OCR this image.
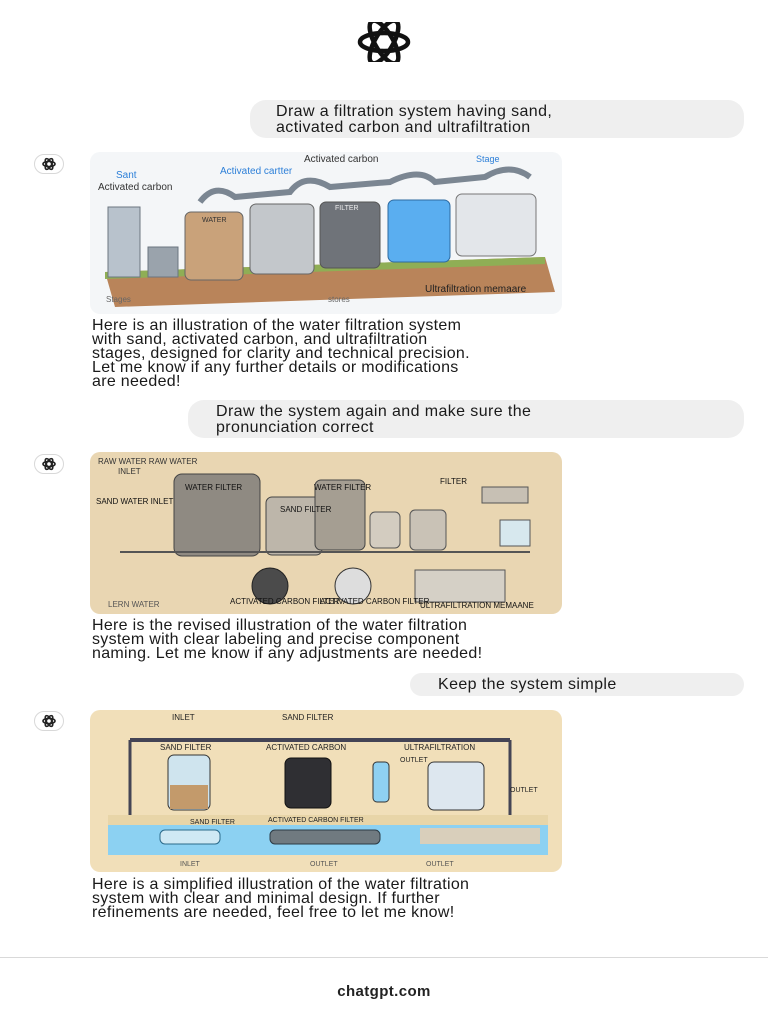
Draw a filtration system having sand,
activated carbon and ultrafiltration
Sant
Activated carbon
Activated cartter
Activated carbon	Stage
WATER
FILTER
Ultrafiltration memaare
Stages	stores
Here is an illustration of the water filtration system
with sand, activated carbon, and ultrafiltration
stages, designed for clarity and technical precision.
Let me know if any further details or modifications
are needed!
Draw the system again and make sure the
pronunciation correct
RAW WATER RAW WATER
INLET
WATER FILTER	WATER FILTER
SAND FILTER
FILTER
SAND WATER INLET
LERN WATER	ACTIVATED CARBON FILTER
ACTIVATED CARBON FILTER
ULTRAFILTRATION MEMAANE
Here is the revised illustration of the water filtration
system with clear labeling and precise component
naming. Let me know if any adjustments are needed!
Keep the system simple
INLET	SAND FILTER
SAND FILTER	ACTIVATED CARBON	ULTRAFILTRATION
OUTLET
OUTLET
SAND FILTER	ACTIVATED CARBON FILTER
INLET	OUTLET	OUTLET
Here is a simplified illustration of the water filtration
system with clear and minimal design. If further
refinements are needed, feel free to let me know!
chatgpt.com
